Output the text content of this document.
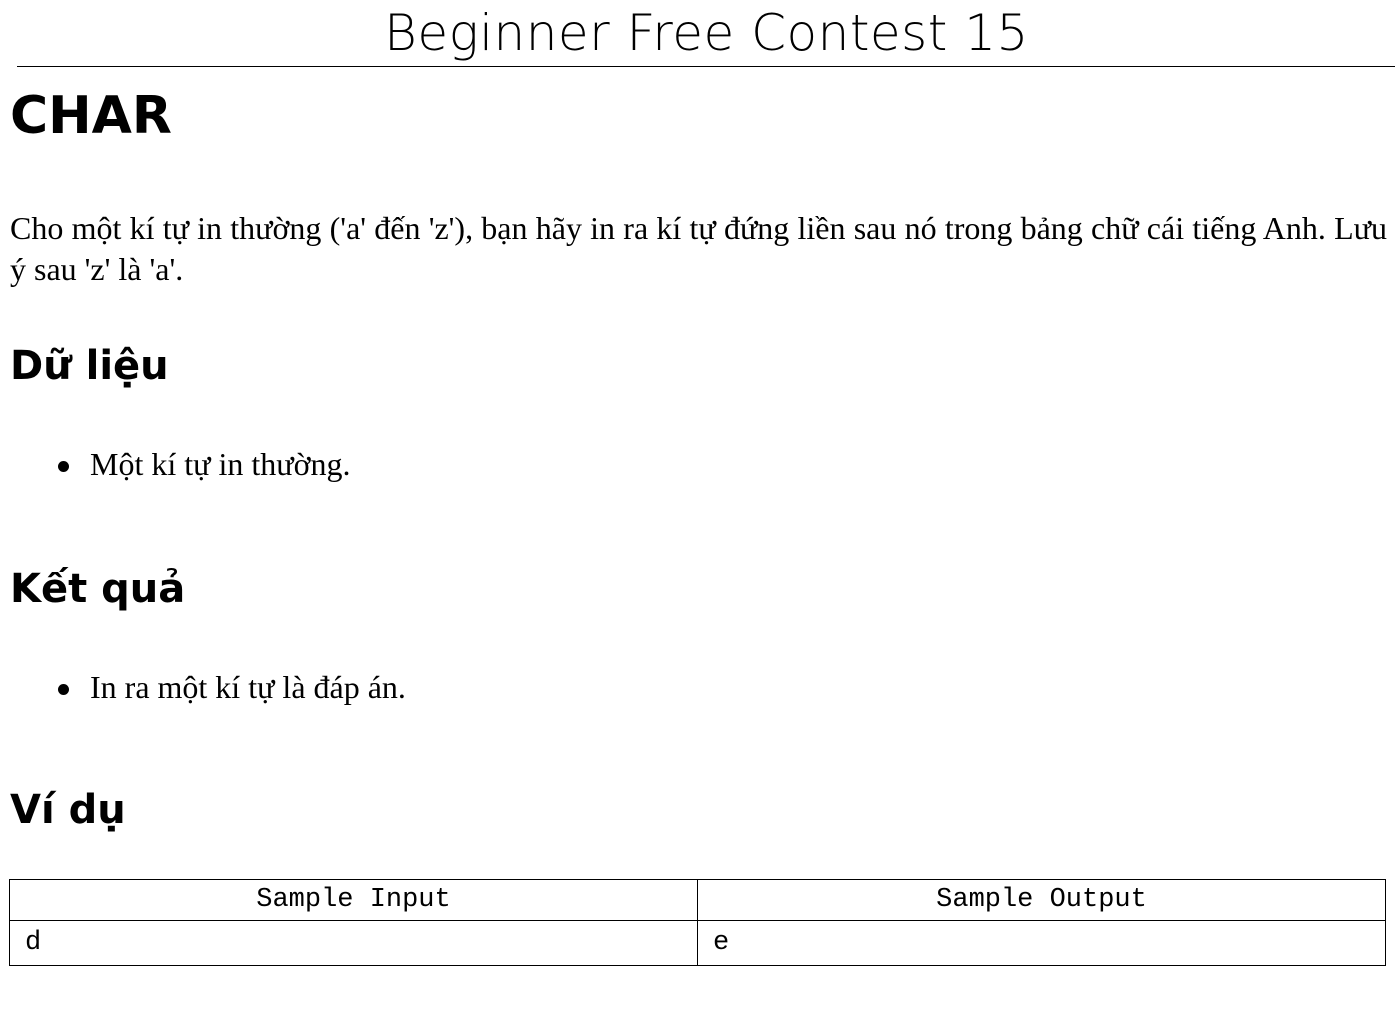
Beginner Free Contest 15
CHAR

Cho một kí tự in thường ('a' đến 'z'), bạn hãy in ra kí tự đứng liền sau nó trong bảng chữ cái tiếng Anh. Lưu ý sau 'z' là 'a'.

Dữ liệu
Một kí tự in thường.
Kết quả
In ra một kí tự là đáp án.
Ví dụ
Sample Input	Sample Output
d	e
